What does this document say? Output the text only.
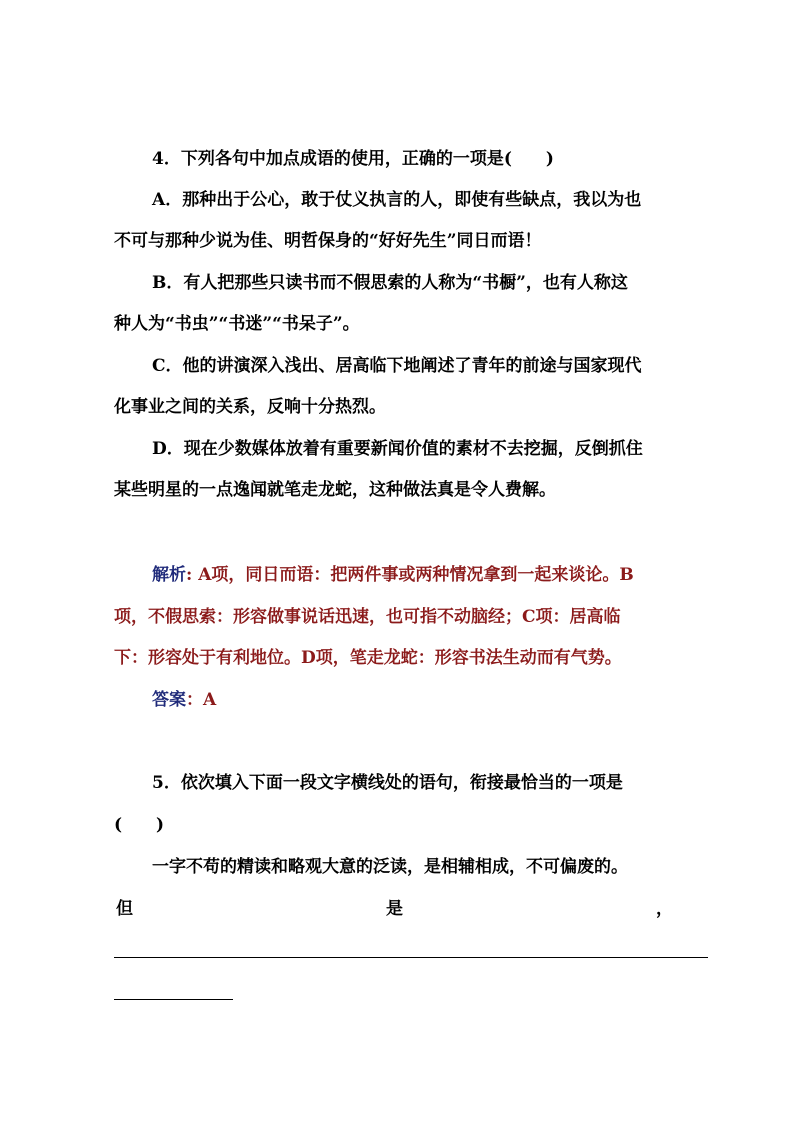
4．下列各句中加点成语的使用，正确的一项是(　　)
A．那种出于公心，敢于仗义执言的人，即使有些缺点，我以为也
不可与那种少说为佳、明哲保身的“好好先生”同日而语！
B．有人把那些只读书而不假思索的人称为“书橱”，也有人称这
种人为“书虫”“书迷”“书呆子”。
C．他的讲演深入浅出、居高临下地阐述了青年的前途与国家现代
化事业之间的关系，反响十分热烈。
D．现在少数媒体放着有重要新闻价值的素材不去挖掘，反倒抓住
某些明星的一点逸闻就笔走龙蛇，这种做法真是令人费解。
解析: A项，同日而语：把两件事或两种情况拿到一起来谈论。B
项，不假思索：形容做事说话迅速，也可指不动脑经；C项：居高临
下：形容处于有利地位。D项，笔走龙蛇：形容书法生动而有气势。
答案：A
5．依次填入下面一段文字横线处的语句，衔接最恰当的一项是
(　　)
一字不苟的精读和略观大意的泛读，是相辅相成，不可偏废的。
但	是	，
